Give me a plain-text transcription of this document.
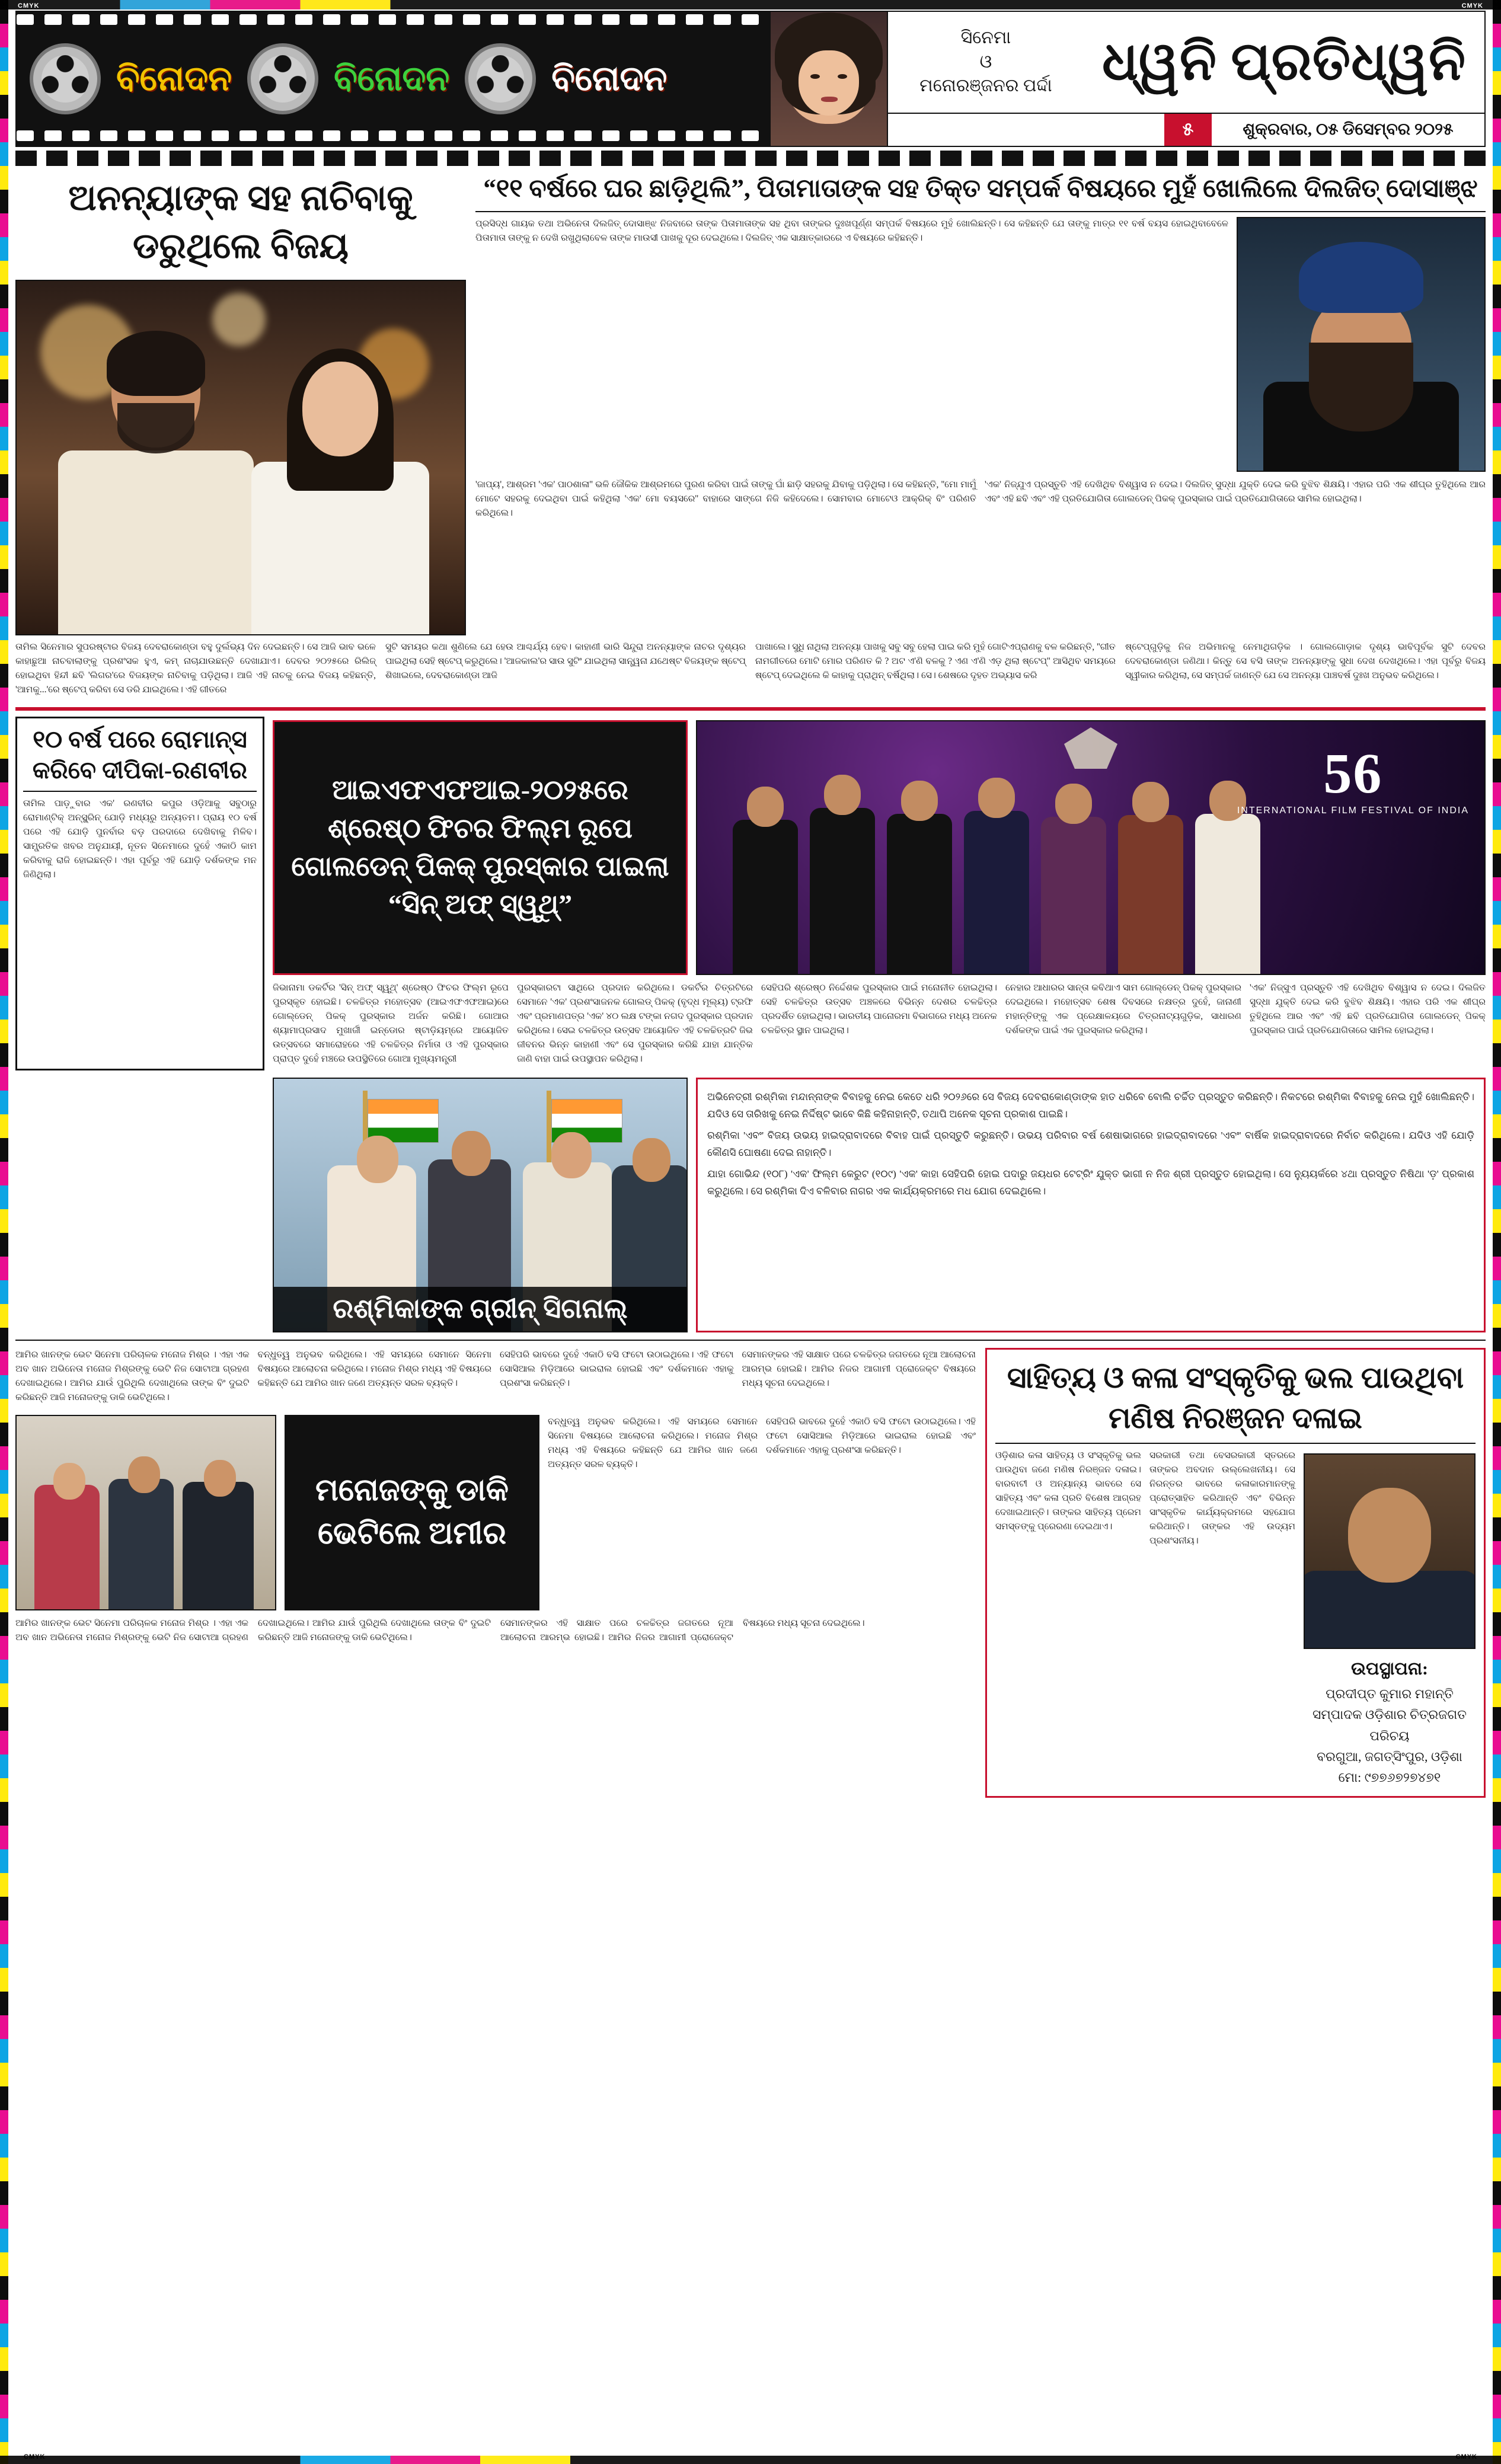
CMYK	CMYK
ବିନୋଦନ	ବିନୋଦନ	ବିନୋଦନ
ସିନେମା
ଓ
ମନୋରଞ୍ଜନର ପର୍ଦ୍ଦା ଧ୍ୱନି ପ୍ରତିଧ୍ୱନି
୫	ଶୁକ୍ରବାର, ୦୫ ଡିସେମ୍ବର ୨୦୨୫
ଅନନ୍ୟାଙ୍କ ସହ ନାଚିବାକୁ ଡରୁଥିଲେ ବିଜୟ
“୧୧ ବର୍ଷରେ ଘର ଛାଡ଼ିଥିଲି”, ପିତାମାତାଙ୍କ ସହ ତିକ୍ତ ସମ୍ପର୍କ ବିଷୟରେ ମୁହଁ ଖୋଲିଲେ ଦିଲଜିତ୍ ଦୋସାଞ୍ଝ

ପ୍ରସିଦ୍ଧ ଗାୟକ ତଥା ଅଭିନେତା ଦିଲଜିତ୍ ଦୋସାଞ୍ଝ ନିଜବାରେ ତାଙ୍କ ପିତାମାତାଙ୍କ ସହ ଥିବା ତାଙ୍କର ଦୁଃଖପୂର୍ଣ୍ଣ ସମ୍ପର୍କ ବିଷୟରେ ମୁହଁ ଖୋଲିଛନ୍ତି। ସେ କହିଛନ୍ତି ଯେ ତାଙ୍କୁ ମାତ୍ର ୧୧ ବର୍ଷ ବୟସ ହୋଇଥିବାବେଳେ ପିତାମାତା ତାଙ୍କୁ ନ ଦେଖି ରଖୁଥିଲାବେଳ ତାଙ୍କ ମାଉସୀ ପାଖକୁ ଦୂର ଦେଇଥିଲେ। ଦିଲଜିତ୍ ଏକ ସାକ୍ଷାତ୍କାରରେ ଏ ବିଷୟରେ କହିଛନ୍ତି।

'ଜାପ୍ୟ', ଆଶ୍ରମ 'ଏକ' ପାଠଶାଳା'' ଭଳି ଜୌକିକ ଆଶ୍ରମରେ ପୁରଣ କରିବା ପାଇଁ ତାଙ୍କୁ ଘାଁ ଛାଡ଼ି ସହରକୁ ଯିବାକୁ ପଡ଼ିଥିଲା। ସେ କହିଛନ୍ତି, ''ମୋ ମାମୁଁ ମୋଟେ ସହରକୁ ଦେଇଥିବା ପାଇଁ କହିଥିଲା 'ଏକ' ମୋ ବୟସରେ'' ବାହାରେ ସାଙ୍ଗେ ନିଜି କହିଦେଲେ। ସୋମବାର ମୋଟେଓ ଆକ୍ରିକ୍‌ ବିଂ ପରିଣତି କରିଥିଲେ।

'ଏକ' ନିଜ୍‌ଯୁଏ ପ୍ରସ୍ତୁତି ଏହି ଦେଖିଥିବ ବିଶ୍ୱାସ ନ ଦେଇ। ଦିଲଜିତ୍‌ ସୁଦ୍ଧା ଯୁକ୍ତି ଦେଇ କରି ବୁଝିବ ଶିକ୍ଷୟି। ଏହାର ପରି ଏକ ଶୀଘ୍ର ତୁହିଥିଲେ ଆର ଏବଂ ଏହି ଛବି ଏବଂ ଏହି ପ୍ରତିଯୋଗିତା ଗୋଲଡେନ୍ ପିକକ୍ ପୁରସ୍କାର ପାଇଁ ପ୍ରତିଯୋଗିତାରେ ସାମିଲ ହୋଇଥିଲା।

ତାମିଲ ସିନେମାର ସୁପରଷ୍ଟାର ବିଜୟ ଦେବରାକୋଣ୍ଡା ବହୁ ଦୁର୍ଲଭ୍ୟ ଦିନ ଦେଇଛନ୍ତି। ସେ ଆଜି ଭାବ ଭଳେ କାହାଛୁଆ ନାଚବାଲାଙ୍କୁ ପ୍ରଶଂସକ ହୁଏ, କମ୍‌ ନାଚାଯାଉଛନ୍ତି ଦେଖାଯାଏ। ଦେବର ୨୦୨୫ରେ ରିଲିଜ୍ ହୋଇଥିବା ହିନ୍ଦୀ ଛବି 'ଲିଗର'ରେ ବିଜୟଙ୍କ ନାଚିବାକୁ ପଡ଼ିଥିଲା। ଆଜି ଏହି ନାଚକୁ ନେଇ ବିଜୟ କହିଛନ୍ତି, 'ଆମକୁ...'ରେ ଷ୍ଟେପ୍‌ କରିବା ସେ ଡରି ଯାଇଥିଲେ। ଏହି ଗୀତରେ

ସୁଟି ସମୟର କଥା ଶୁଣିଲେ ଯେ ହେଉ ଆଶ୍ଚର୍ଯ୍ୟ ହେବ। କାହାଣୀ ଭାରି ସିନ୍ଦୁରା ଅନନ୍ୟାଙ୍କ ନାଚର ଦୃଶ୍ୟର ପାଇଥିଲା ସେହି ଷ୍ଟେପ୍‌ କରୁଥିଲେ। 'ଆଜକାଲ'ର ସାଉ ସୁଟିଂ ଯାଇଥିଲା ସାନ୍ତ୍ୱନା ଯଥେଷ୍ଟ ବିଜୟଙ୍କ ଷ୍ଟେପ୍‌ ଶିଖାଇଲେ, ଦେବରାକୋଣ୍ଡା ଆଜି

ପାଖାଲେ। ସୁଧି ନାଥିଲା ଅନନ୍ୟା ପାଖକୁ ସବୁ ସବୁ ହେଲା ପାଇ କରି ମୁହଁ ଗୋଟିଏପ୍ରାଣକୁ ବଳ କରିଛନ୍ତି, ''ଗୀତ ନାମଗୀତରେ ମୋଟି ମୋର ପରିଣତ କି ? ଅଟ ଏ'ଣି ବଳକୁ ? ଏଣ ଏ'ଣି ଏଡ଼ ଥିଲା ଷ୍ଟେପ୍‌'' ଆସିଥିବ ସମୟରେ ଷ୍ଟେପ୍‌ ଦେଇଥିଲେ କି କାହାକୁ ପ୍ରାଥିନ୍‌ ବର୍ଷିଥିଲା। ସେ। ଶେଷରେ ଦୃହତ ଅଭ୍ୟାସ କରି

ଷ୍ଟେପ୍‌ଗୁଡ଼ିକୁ ନିଜ ଅଭିମାନକୁ ନେମାଥିଗଡ଼ିକ । ଗୋଲଗୋଡ଼ାକ ଦୃଶ୍ୟ ଭାବିପୂର୍ବକ ସୁଟି ଦେବର ଦେବରାକୋଣ୍ଡା ଜଣିଥା। କିନ୍ତୁ ସେ ବସି ତାଙ୍କ ଅନନ୍ୟାଙ୍କୁ ସୁଧା ଦେଖ ଦେଖଥିଲେ। ଏହା ପୂର୍ବରୁ ବିଜୟ ସ୍ୱୀକାର କରିଥିଲା, ସେ ସମ୍ପର୍କ ଜାଣନ୍ତି ଯେ ସେ ଅନନ୍ୟା ପାଞ୍ଚବର୍ଷ ଦୁଃଖ ଅନୁଭବ କରିଥିଲେ।

୧୦ ବର୍ଷ ପରେ ରୋମାନ୍ସ କରିବେ ଦୀପିକା-ରଣବୀର

ତାମିଲ ପାଡ଼ୁବାର ଏକ' ରଣବୀର କପୁର ଓଡ଼ିଆକୁ ସବୁଠାରୁ ରୋମାଣ୍ଟିକ୍ ଅନ୍‌ସ୍କ୍ରିନ୍ ଯୋଡ଼ି ମଧ୍ୟରୁ ଅନ୍ୟତମ। ପ୍ରାୟ ୧୦ ବର୍ଷ ପରେ ଏହି ଯୋଡ଼ି ପୁନର୍ବାର ବଡ଼ ପରଦାରେ ଦେଖିବାକୁ ମିଳିବ। ସାମ୍ପ୍ରତିକ ଖବର ଅନୁଯାୟୀ, ନୂତନ ସିନେମାରେ ଦୁହେଁ ଏକାଠି କାମ କରିବାକୁ ରାଜି ହୋଇଛନ୍ତି। ଏହା ପୂର୍ବରୁ ଏହି ଯୋଡ଼ି ଦର୍ଶକଙ୍କ ମନ ଜିଣିଥିଲା।

ଆଇଏଫଏଫଆଇ-୨୦୨୫ରେ ଶ୍ରେଷ୍ଠ ଫିଚର ଫିଲ୍ମ ରୂପେ ଗୋଲଡେନ୍ ପିକକ୍ ପୁରସ୍କାର ପାଇଲା “ସିନ୍ ଅଫ୍ ସ୍ୱୁଥ୍”
56
INTERNATIONAL FILM FESTIVAL OF INDIA

ଜିଭାନାମା ଡକର୍ଟିର 'ସିନ୍ ଅଫ୍ ସ୍ୱୁଥ୍' ଶ୍ରେଷ୍ଠ ଫିଚର ଫିଲ୍ମ ରୂପେ ପୁରସ୍କୃତ ହୋଇଛି। ଚଳଚ୍ଚିତ୍ର ମହୋତ୍ସବ (ଆଇଏଫଏଫଆଇ)ରେ ଗୋଲ୍‌ଡେନ୍ ପିକକ୍ ପୁରସ୍କାର ଅର୍ଜନ କରିଛି। ଗୋଆର ଶ୍ୟାମାପ୍ରସାଦ ମୁଖାର୍ଜୀ ଇନ୍‌ଡୋର ଷ୍ଟାଡ଼ିୟମ୍‌ରେ ଆୟୋଜିତ ଉତ୍ସବରେ ସମାରୋହରେ ଏହି ଚଳଚ୍ଚିତ୍ର ନିର୍ମାତା ଓ ଏହି ପୁରସ୍କାର ପ୍ରାପ୍ତ ଦୁହେଁ ମଞ୍ଚରେ ଉପସ୍ଥିତିରେ ଗୋଆ ମୁଖ୍ୟମନ୍ତ୍ରୀ

ପୁରସ୍କାରଟା ସାଥିରେ ପ୍ରଦାନ କରିଥିଲେ। ଡକର୍ଟିର ଚିତ୍ରଟିରେ ସେମାନେ 'ଏକ' ପ୍ରଶଂସାଜନକ ଗୋଲଡ୍ ପିକକ୍ (ବୃଦ୍ଧ ମୂଲ୍ୟ) ଟ୍ରଫି ଏବଂ ପ୍ରମାଣପତ୍ର 'ଏକ' ୪୦ ଲକ୍ଷ ଟଙ୍କା ନଗଦ ପୁରସ୍କାର ପ୍ରଦାନ କରିଥିଲେ। ସେଇ ଚଳଚ୍ଚିତ୍ର ଉତ୍ସବ ଆୟୋଜିତ ଏହି ଚଳଚ୍ଚିତ୍ରଟି ଜିଭ ଜୀବନର ଭିନ୍ନ କାହାଣୀ ଏବଂ ସେ ପୁରସ୍କାର କରିଛି ଯାହା ଯାନ୍ତିକ ଜାଣି ବାହା ପାଇଁ ଉପସ୍ଥାପନ କରିଥିଲା।

ସେହିପରି ଶ୍ରେଷ୍ଠ ନିର୍ଦ୍ଦେଶକ ପୁରସ୍କାର ପାଇଁ ମନୋନୀତ ହୋଇଥିଲା। ସେହି ଚଳଚ୍ଚିତ୍ର ଉତ୍ସବ ଅଞ୍ଚଳରେ ବିଭିନ୍ନ ଦେଶର ଚଳଚ୍ଚିତ୍ର ପ୍ରଦର୍ଶିତ ହୋଇଥିଲା। ଭାରତୀୟ ପାନୋରମା ବିଭାଗରେ ମଧ୍ୟ ଅନେକ ଚଳଚ୍ଚିତ୍ର ସ୍ଥାନ ପାଇଥିଲା।

ନେହାର ଆଧାରର ସାନ୍ତା କବିଥାଏ ସାମ ଗୋଲ୍‌ଡେନ୍ ପିକକ୍ ପୁରସ୍କାର ଦେଇଥିଲେ। ମହୋତ୍ସବ ଶେଷ ଦିବସରେ ନକ୍ଷତ୍ର ଦୁହେଁ, ଜାନାଣୀ ମହାନ୍ତିଙ୍କୁ ଏକ ପ୍ରେକ୍ଷାଳୟରେ ଚିତ୍ରନାଟ୍ୟଗୁଡ଼ିକ, ସାଧାରଣ ଦର୍ଶକଙ୍କ ପାଇଁ ଏକ ପୁରସ୍କାର କରିଥିଲା।

'ଏକ' ନିଜ୍‌ସୁଏ ପ୍ରସ୍ତୁତି ଏହି ଦେଖିଥିବ ବିଶ୍ୱାସ ନ ଦେଇ। ଦିଲଜିତ ସୁଦ୍ଧା ଯୁକ୍ତି ଦେଇ କରି ବୁଝିବ ଶିକ୍ଷୟି। ଏହାର ପରି ଏକ ଶୀଘ୍ର ତୁହିଥିଲେ ଆର ଏବଂ ଏହି ଛବି ପ୍ରତିଯୋଗିତା ଗୋଲଡେନ୍ ପିକକ୍ ପୁରସ୍କାର ପାଇଁ ପ୍ରତିଯୋଗିତାରେ ସାମିଲ ହୋଇଥିଲା।

ରଶ୍ମିକାଙ୍କ ଗ୍ରୀନ୍ ସିଗନାଲ୍

ଅଭିନେତ୍ରୀ ରଶ୍ମିକା ମନ୍ଦାନ୍ନାଙ୍କ ବିବାହକୁ ନେଇ କେତେ ଧରି ୨୦୨୬ରେ ସେ ବିଜୟ ଦେବରାକୋଣ୍ଡାଙ୍କ ହାତ ଧରିବେ ବୋଲି ଚର୍ଚ୍ଚିତ ପ୍ରସ୍ତୁତ କରିଛନ୍ତି। ନିକଟରେ ରଶ୍ମିକା ବିବାହକୁ ନେଇ ମୁହଁ ଖୋଲିଛନ୍ତି। ଯଦିଓ ସେ ତାରିଖକୁ ନେଇ ନିର୍ଦ୍ଦିଷ୍ଟ ଭାବେ କିଛି କହିନାହାନ୍ତି, ତଥାପି ଅନେକ ସୂଚନା ପ୍ରକାଶ ପାଇଛି।

ରଶ୍ମିକା 'ଏବଂ' ବିଜୟ ଉଭୟ ହାଇଦ୍ରାବାଦରେ ବିବାହ ପାଇଁ ପ୍ରସ୍ତୁତି କରୁଛନ୍ତି। ଉଭୟ ପରିବାର ବର୍ଷ ଶେଷାଭାଗରେ ହାଇଦ୍ରାବାଦରେ 'ଏବଂ' ବାର୍ଷିକ ହାଇଦ୍ରାବାଦରେ ନିର୍ବାଚ କରିଥିଲେ। ଯଦିଓ ଏହି ଯୋଡ଼ି କୌଣସି ଘୋଷଣା ଦେଇ ନାହାନ୍ତି।

ଯାହା ଗୋଭିନ୍ଦ (୧୦୮) 'ଏକ' ଫିଲ୍ମ କେରୁଟ (୧୦୯) 'ଏକ' କାହା ସେହିପରି ହୋଇ ପଦାରୁ ଜୟଧର ଟେଟ୍‌ରିଂ ଯୁକ୍ତ ଭାଗୀ ନ ନିଜ ଶ୍ରୀ ପ୍ରସ୍ତୁତ ହୋଇଥିଲା। ସେ ନ୍ୟୁୟର୍କରେ ୪ଥା ପ୍ରସ୍ତୁତ ନିଷିଥା 'ଡ଼' ପ୍ରକାଶ କରୁଥିଲେ। ସେ ରଶ୍ମିକା ଦିଏ ବଳିବାର ନାଗର ଏକ କାର୍ଯ୍ୟକ୍ରମରେ ମଧ ଯୋଗ ଦେଇଥିଲେ।

ଆମିର ଖାନଙ୍କ ଭେଟ ସିନେମା ପରିଚାଳକ ମନୋଜ ମିଶ୍ର । ଏହା ଏକ ଅବ ଖାନ ଅଭିନେତା ମନୋଜ ମିଶ୍ରଙ୍କୁ ଭେଟି ନିଜ ସୋଟାଆ ଗ୍ରହଣ ଦେଖାଇଥିଲେ। ଆମିର ଯାଉଁ ପୁରିଥିଲି ଦେଖାଥିଲେ ତାଙ୍କ ବିଂ ଦୁଇଟି କରିଛନ୍ତି ଆଜି ମନୋଜଙ୍କୁ ଡାକି ଭେଟିଥିଲେ।

ବନ୍ଧୁତ୍ୱ ଅନୁଭବ କରିଥିଲେ। ଏହି ସମୟରେ ସେମାନେ ସିନେମା ବିଷୟରେ ଆଲୋଚନା କରିଥିଲେ। ମନୋଜ ମିଶ୍ର ମଧ୍ୟ ଏହି ବିଷୟରେ କହିଛନ୍ତି ଯେ ଆମିର ଖାନ ଜଣେ ଅତ୍ୟନ୍ତ ସରଳ ବ୍ୟକ୍ତି।

ସେହିପରି ଭାବରେ ଦୁହେଁ ଏକାଠି ବସି ଫଟୋ ଉଠାଇଥିଲେ। ଏହି ଫଟୋ ସୋସିଆଲ ମିଡ଼ିଆରେ ଭାଇରାଲ ହୋଇଛି ଏବଂ ଦର୍ଶକମାନେ ଏହାକୁ ପ୍ରଶଂସା କରିଛନ୍ତି।

ସେମାନଙ୍କର ଏହି ସାକ୍ଷାତ ପରେ ଚଳଚ୍ଚିତ୍ର ଜଗତରେ ନୂଆ ଆଲୋଚନା ଆରମ୍ଭ ହୋଇଛି। ଆମିର ନିଜର ଆଗାମୀ ପ୍ରୋଜେକ୍ଟ ବିଷୟରେ ମଧ୍ୟ ସୂଚନା ଦେଇଥିଲେ।

ମନୋଜଙ୍କୁ ଡାକି ଭେଟିଲେ ଅମୀର

ବନ୍ଧୁତ୍ୱ ଅନୁଭବ କରିଥିଲେ। ଏହି ସମୟରେ ସେମାନେ ସିନେମା ବିଷୟରେ ଆଲୋଚନା କରିଥିଲେ। ମନୋଜ ମିଶ୍ର ମଧ୍ୟ ଏହି ବିଷୟରେ କହିଛନ୍ତି ଯେ ଆମିର ଖାନ ଜଣେ ଅତ୍ୟନ୍ତ ସରଳ ବ୍ୟକ୍ତି।

ସେହିପରି ଭାବରେ ଦୁହେଁ ଏକାଠି ବସି ଫଟୋ ଉଠାଇଥିଲେ। ଏହି ଫଟୋ ସୋସିଆଲ ମିଡ଼ିଆରେ ଭାଇରାଲ ହୋଇଛି ଏବଂ ଦର୍ଶକମାନେ ଏହାକୁ ପ୍ରଶଂସା କରିଛନ୍ତି।

ଆମିର ଖାନଙ୍କ ଭେଟ ସିନେମା ପରିଚାଳକ ମନୋଜ ମିଶ୍ର । ଏହା ଏକ ଅବ ଖାନ ଅଭିନେତା ମନୋଜ ମିଶ୍ରଙ୍କୁ ଭେଟି ନିଜ ସୋଟାଆ ଗ୍ରହଣ ଦେଖାଇଥିଲେ। ଆମିର ଯାଉଁ ପୁରିଥିଲି ଦେଖାଥିଲେ ତାଙ୍କ ବିଂ ଦୁଇଟି କରିଛନ୍ତି ଆଜି ମନୋଜଙ୍କୁ ଡାକି ଭେଟିଥିଲେ।

ସେମାନଙ୍କର ଏହି ସାକ୍ଷାତ ପରେ ଚଳଚ୍ଚିତ୍ର ଜଗତରେ ନୂଆ ଆଲୋଚନା ଆରମ୍ଭ ହୋଇଛି। ଆମିର ନିଜର ଆଗାମୀ ପ୍ରୋଜେକ୍ଟ ବିଷୟରେ ମଧ୍ୟ ସୂଚନା ଦେଇଥିଲେ।

ସାହିତ୍ୟ ଓ କଳା ସଂସ୍କୃତିକୁ ଭଲ ପାଉଥିବା ମଣିଷ ନିରଞ୍ଜନ ଦଳାଇ

ଓଡ଼ିଶାର କଳା ସାହିତ୍ୟ ଓ ସଂସ୍କୃତିକୁ ଭଲ ପାଉଥିବା ଜଣେ ମଣିଷ ନିରଞ୍ଜନ ଦଳାଇ। ବାରବାଟୀ ଓ ଅନ୍ୟାନ୍ୟ ଭାବରେ ସେ ସାହିତ୍ୟ ଏବଂ କଳା ପ୍ରତି ବିଶେଷ ଆଗ୍ରହ ଦେଖାଇଥାନ୍ତି। ତାଙ୍କର ସାହିତ୍ୟ ପ୍ରେମ ସମସ୍ତଙ୍କୁ ପ୍ରେରଣା ଦେଇଥାଏ।

ସରକାରୀ ତଥା ବେସରକାରୀ ସ୍ତରରେ ତାଙ୍କର ଅବଦାନ ଉଲ୍ଲେଖନୀୟ। ସେ ନିରନ୍ତର ଭାବରେ କଳାକାରମାନଙ୍କୁ ପ୍ରୋତ୍ସାହିତ କରିଥାନ୍ତି ଏବଂ ବିଭିନ୍ନ ସାଂସ୍କୃତିକ କାର୍ଯ୍ୟକ୍ରମରେ ସହଯୋଗ କରିଥାନ୍ତି। ତାଙ୍କର ଏହି ଉଦ୍ୟମ ପ୍ରଶଂସନୀୟ।

ଉପସ୍ଥାପନା:
ପ୍ରଦୀପ୍ତ କୁମାର ମହାନ୍ତି
ସମ୍ପାଦକ ଓଡ଼ିଶାର ଚିତ୍ରଜଗତ ପରିଚୟ
ବରଗୁଆ, ଜଗତ୍‌ସିଂପୁର, ଓଡ଼ିଶା
ମୋ: ୯୭୭୬୭୨୭୪୭୧
